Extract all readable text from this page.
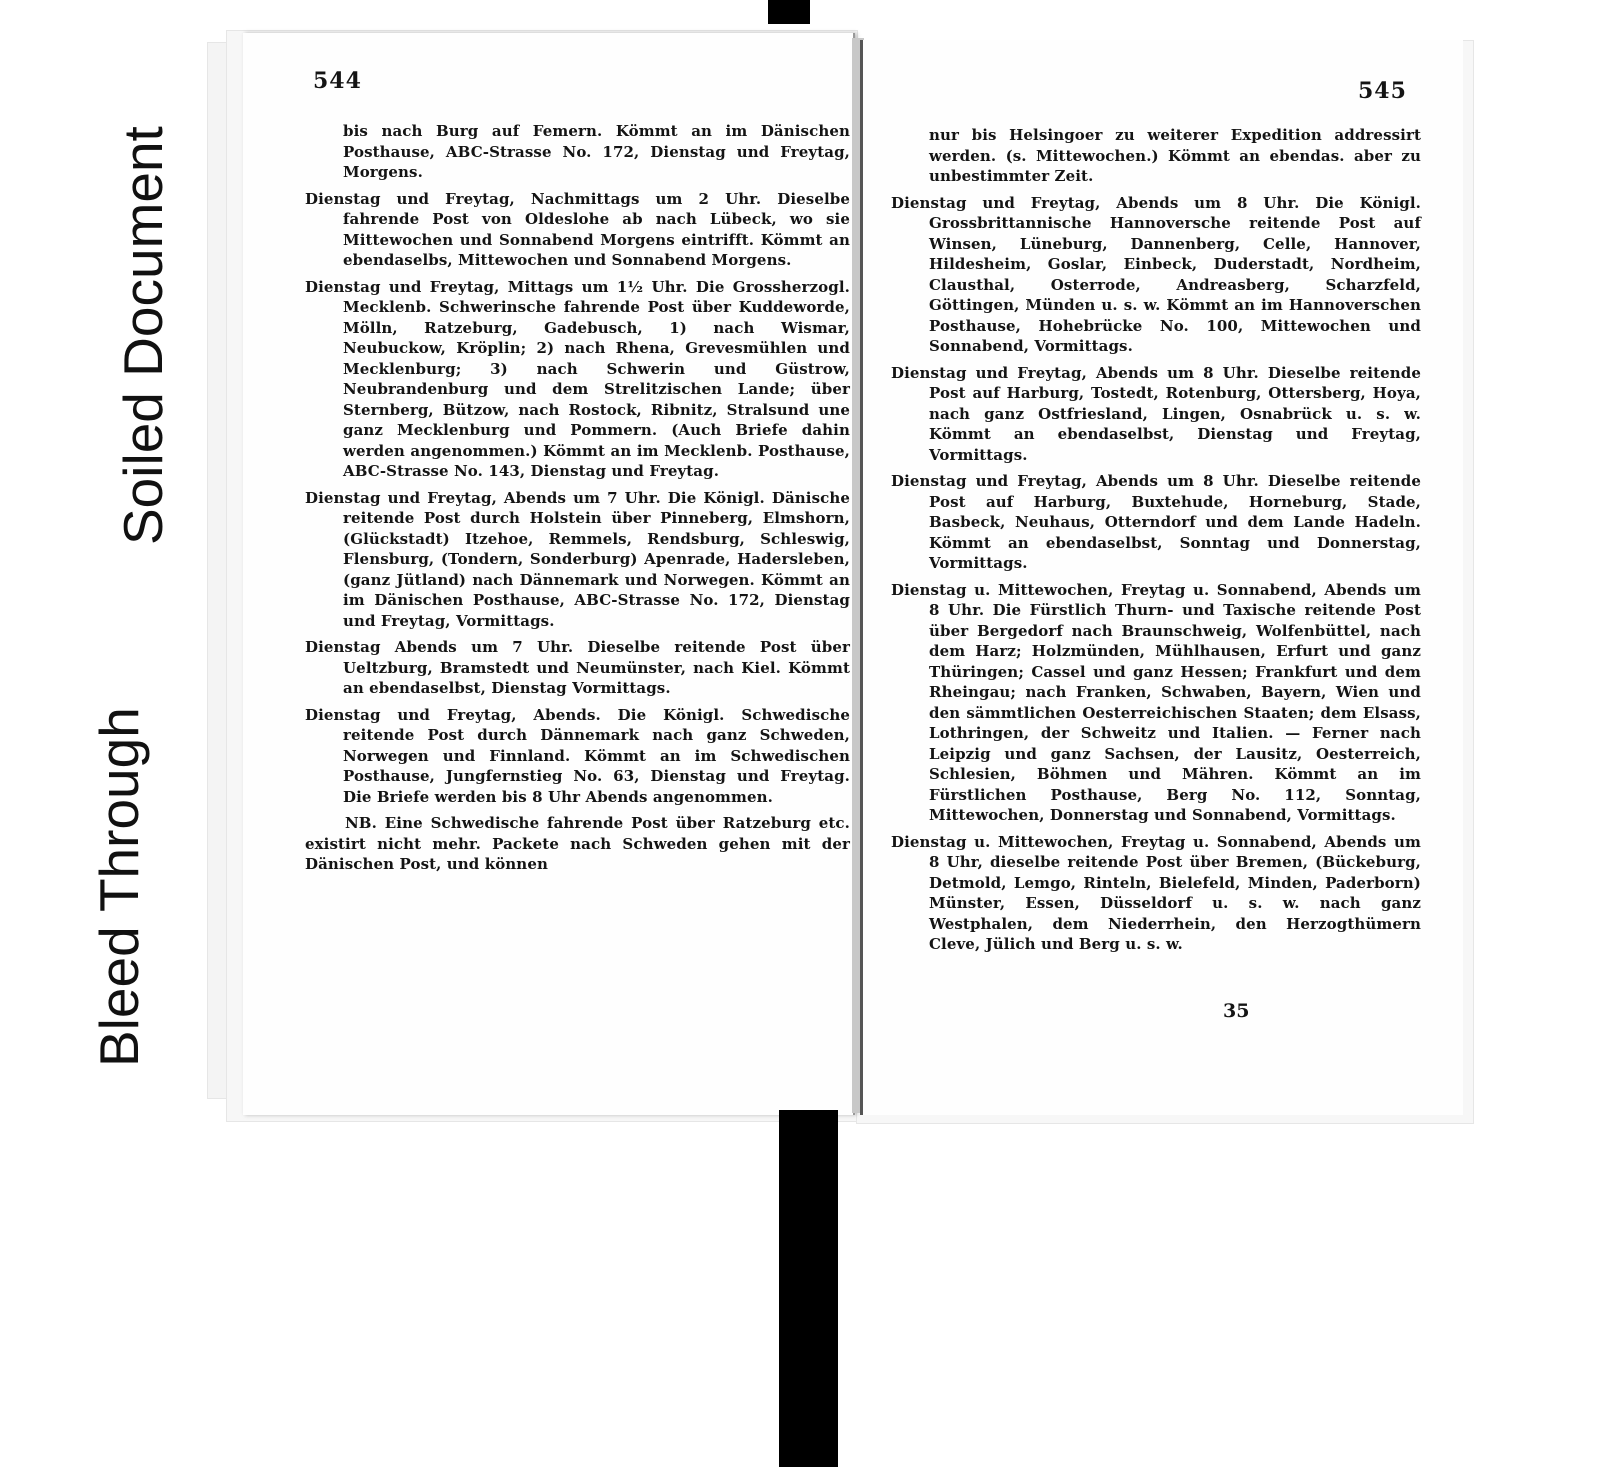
544

bis nach Burg auf Femern. Kömmt an im Dänischen Posthause, ABC-Strasse No. 172, Dienstag und Freytag, Morgens.

Dienstag und Freytag, Nachmittags um 2 Uhr. Dieselbe fahrende Post von Oldeslohe ab nach Lübeck, wo sie Mittewochen und Sonnabend Morgens eintrifft. Kömmt an ebendaselbs, Mittewochen und Sonnabend Morgens.

Dienstag und Freytag, Mittags um 1½ Uhr. Die Grossherzogl. Mecklenb. Schwerinsche fahrende Post über Kuddeworde, Mölln, Ratzeburg, Gadebusch, 1) nach Wismar, Neubuckow, Kröplin; 2) nach Rhena, Grevesmühlen und Mecklenburg; 3) nach Schwerin und Güstrow, Neubrandenburg und dem Strelitzischen Lande; über Sternberg, Bützow, nach Rostock, Ribnitz, Stralsund une ganz Mecklenburg und Pommern. (Auch Briefe dahin werden angenommen.) Kömmt an im Mecklenb. Posthause, ABC-Strasse No. 143, Dienstag und Freytag.

Dienstag und Freytag, Abends um 7 Uhr. Die Königl. Dänische reitende Post durch Holstein über Pinneberg, Elmshorn, (Glückstadt) Itzehoe, Remmels, Rendsburg, Schleswig, Flensburg, (Tondern, Sonderburg) Apenrade, Hadersleben, (ganz Jütland) nach Dännemark und Norwegen. Kömmt an im Dänischen Posthause, ABC-Strasse No. 172, Dienstag und Freytag, Vormittags.

Dienstag Abends um 7 Uhr. Dieselbe reitende Post über Ueltzburg, Bramstedt und Neumünster, nach Kiel. Kömmt an ebendaselbst, Dienstag Vormittags.

Dienstag und Freytag, Abends. Die Königl. Schwedische reitende Post durch Dännemark nach ganz Schweden, Norwegen und Finnland. Kömmt an im Schwedischen Posthause, Jungfernstieg No. 63, Dienstag und Freytag. Die Briefe werden bis 8 Uhr Abends angenommen.

NB. Eine Schwedische fahrende Post über Ratzeburg etc. existirt nicht mehr. Packete nach Schweden gehen mit der Dänischen Post, und können

545

nur bis Helsingoer zu weiterer Expedition addressirt werden. (s. Mittewochen.) Kömmt an ebendas. aber zu unbestimmter Zeit.

Dienstag und Freytag, Abends um 8 Uhr. Die Königl. Grossbrittannische Hannoversche reitende Post auf Winsen, Lüneburg, Dannenberg, Celle, Hannover, Hildesheim, Goslar, Einbeck, Duderstadt, Nordheim, Clausthal, Osterrode, Andreasberg, Scharzfeld, Göttingen, Münden u. s. w. Kömmt an im Hannoverschen Posthause, Hohebrücke No. 100, Mittewochen und Sonnabend, Vormittags.

Dienstag und Freytag, Abends um 8 Uhr. Dieselbe reitende Post auf Harburg, Tostedt, Rotenburg, Ottersberg, Hoya, nach ganz Ostfriesland, Lingen, Osnabrück u. s. w. Kömmt an ebendaselbst, Dienstag und Freytag, Vormittags.

Dienstag und Freytag, Abends um 8 Uhr. Dieselbe reitende Post auf Harburg, Buxtehude, Horneburg, Stade, Basbeck, Neuhaus, Otterndorf und dem Lande Hadeln. Kömmt an ebendaselbst, Sonntag und Donnerstag, Vormittags.

Dienstag u. Mittewochen, Freytag u. Sonnabend, Abends um 8 Uhr. Die Fürstlich Thurn- und Taxische reitende Post über Bergedorf nach Braunschweig, Wolfenbüttel, nach dem Harz; Holzmünden, Mühlhausen, Erfurt und ganz Thüringen; Cassel und ganz Hessen; Frankfurt und dem Rheingau; nach Franken, Schwaben, Bayern, Wien und den sämmtlichen Oesterreichischen Staaten; dem Elsass, Lothringen, der Schweitz und Italien. — Ferner nach Leipzig und ganz Sachsen, der Lausitz, Oesterreich, Schlesien, Böhmen und Mähren. Kömmt an im Fürstlichen Posthause, Berg No. 112, Sonntag, Mittewochen, Donnerstag und Sonnabend, Vormittags.

Dienstag u. Mittewochen, Freytag u. Sonnabend, Abends um 8 Uhr, dieselbe reitende Post über Bremen, (Bückeburg, Detmold, Lemgo, Rinteln, Bielefeld, Minden, Paderborn) Münster, Essen, Düsseldorf u. s. w. nach ganz Westphalen, dem Niederrhein, den Herzogthümern Cleve, Jülich und Berg u. s. w.

35
Bleed Through
Soiled Document
